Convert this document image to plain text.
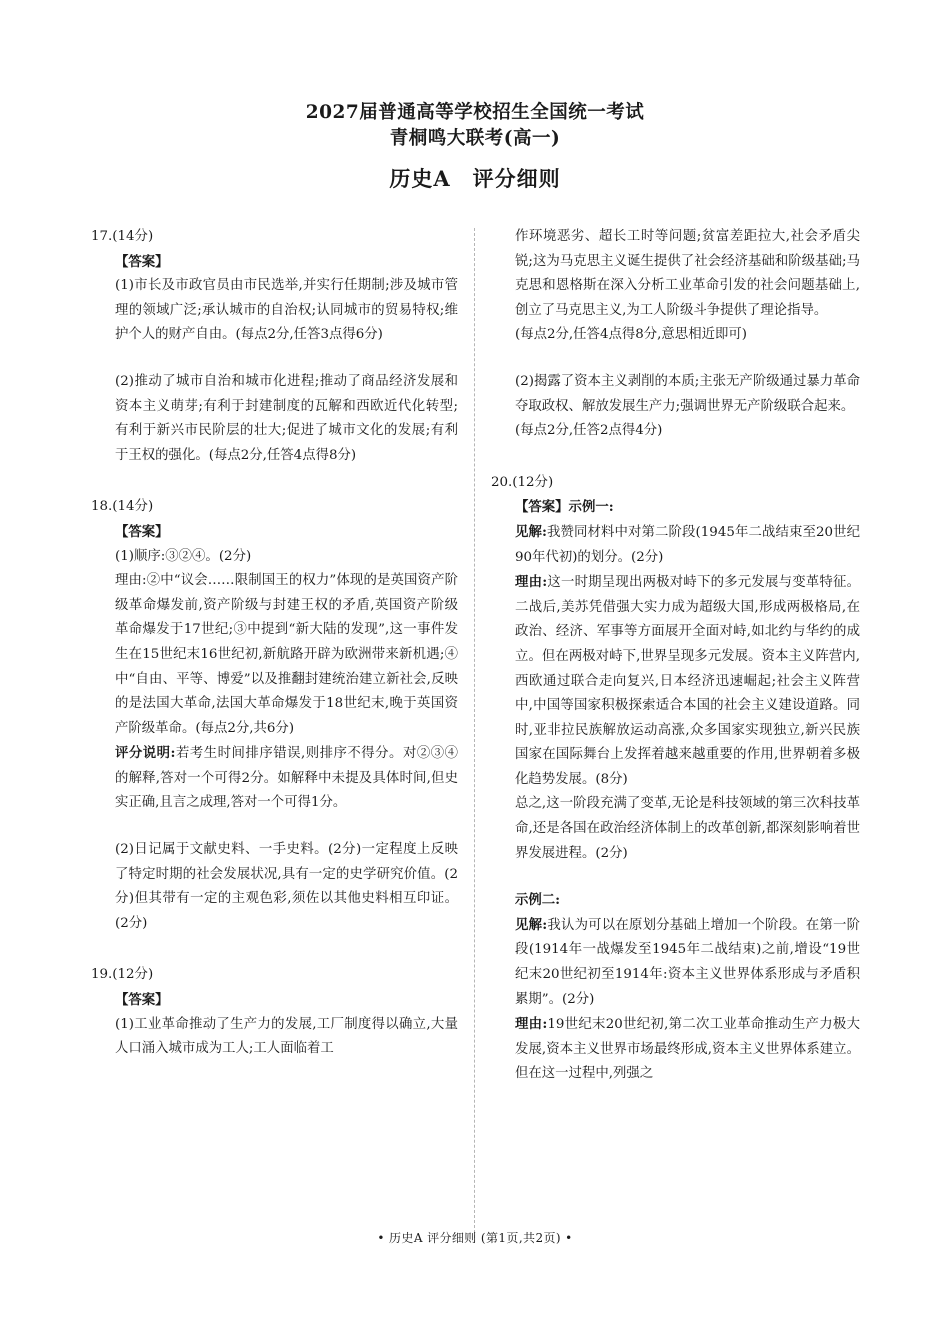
2027届普通高等学校招生全国统一考试
青桐鸣大联考(高一)
历史A 评分细则

17.(14分)

【答案】

(1)市长及市政官员由市民选举,并实行任期制;涉及城市管理的领域广泛;承认城市的自治权;认同城市的贸易特权;维护个人的财产自由。(每点2分,任答3点得6分)

(2)推动了城市自治和城市化进程;推动了商品经济发展和资本主义萌芽;有利于封建制度的瓦解和西欧近代化转型;有利于新兴市民阶层的壮大;促进了城市文化的发展;有利于王权的强化。(每点2分,任答4点得8分)

18.(14分)

【答案】

(1)顺序:③②④。(2分)

理由:②中“议会……限制国王的权力”体现的是英国资产阶级革命爆发前,资产阶级与封建王权的矛盾,英国资产阶级革命爆发于17世纪;③中提到“新大陆的发现”,这一事件发生在15世纪末16世纪初,新航路开辟为欧洲带来新机遇;④中“自由、平等、博爱”以及推翻封建统治建立新社会,反映的是法国大革命,法国大革命爆发于18世纪末,晚于英国资产阶级革命。(每点2分,共6分)

评分说明:若考生时间排序错误,则排序不得分。对②③④的解释,答对一个可得2分。如解释中未提及具体时间,但史实正确,且言之成理,答对一个可得1分。

(2)日记属于文献史料、一手史料。(2分)一定程度上反映了特定时期的社会发展状况,具有一定的史学研究价值。(2分)但其带有一定的主观色彩,须佐以其他史料相互印证。(2分)

19.(12分)

【答案】

(1)工业革命推动了生产力的发展,工厂制度得以确立,大量人口涌入城市成为工人;工人面临着工

作环境恶劣、超长工时等问题;贫富差距拉大,社会矛盾尖锐;这为马克思主义诞生提供了社会经济基础和阶级基础;马克思和恩格斯在深入分析工业革命引发的社会问题基础上,创立了马克思主义,为工人阶级斗争提供了理论指导。

(每点2分,任答4点得8分,意思相近即可)

(2)揭露了资本主义剥削的本质;主张无产阶级通过暴力革命夺取政权、解放发展生产力;强调世界无产阶级联合起来。

(每点2分,任答2点得4分)

20.(12分)

【答案】示例一:

见解:我赞同材料中对第二阶段(1945年二战结束至20世纪90年代初)的划分。(2分)

理由:这一时期呈现出两极对峙下的多元发展与变革特征。二战后,美苏凭借强大实力成为超级大国,形成两极格局,在政治、经济、军事等方面展开全面对峙,如北约与华约的成立。但在两极对峙下,世界呈现多元发展。资本主义阵营内,西欧通过联合走向复兴,日本经济迅速崛起;社会主义阵营中,中国等国家积极探索适合本国的社会主义建设道路。同时,亚非拉民族解放运动高涨,众多国家实现独立,新兴民族国家在国际舞台上发挥着越来越重要的作用,世界朝着多极化趋势发展。(8分)

总之,这一阶段充满了变革,无论是科技领域的第三次科技革命,还是各国在政治经济体制上的改革创新,都深刻影响着世界发展进程。(2分)

示例二:

见解:我认为可以在原划分基础上增加一个阶段。在第一阶段(1914年一战爆发至1945年二战结束)之前,增设“19世纪末20世纪初至1914年:资本主义世界体系形成与矛盾积累期”。(2分)

理由:19世纪末20世纪初,第二次工业革命推动生产力极大发展,资本主义世界市场最终形成,资本主义世界体系建立。但在这一过程中,列强之

• 历史A 评分细则 (第1页,共2页) •
